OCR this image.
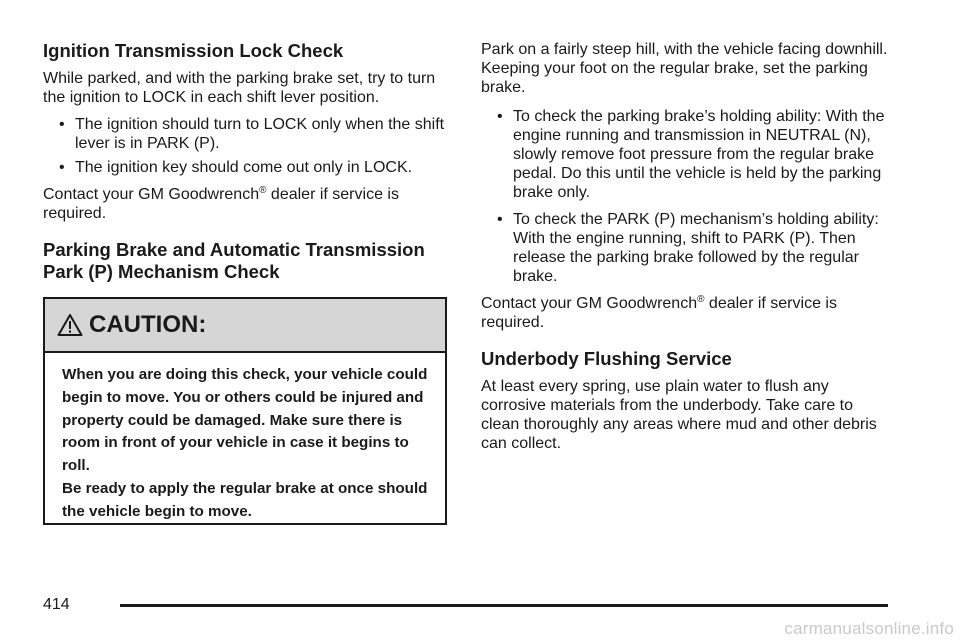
Ignition Transmission Lock Check

While parked, and with the parking brake set, try to turn the ignition to LOCK in each shift lever position.

• The ignition should turn to LOCK only when the shift lever is in PARK (P).
• The ignition key should come out only in LOCK.

Contact your GM Goodwrench® dealer if service is required.

Parking Brake and Automatic Transmission Park (P) Mechanism Check
CAUTION:

When you are doing this check, your vehicle could begin to move. You or others could be injured and property could be damaged. Make sure there is room in front of your vehicle in case it begins to roll.

Be ready to apply the regular brake at once should the vehicle begin to move.

Park on a fairly steep hill, with the vehicle facing downhill. Keeping your foot on the regular brake, set the parking brake.

• To check the parking brake’s holding ability: With the engine running and transmission in NEUTRAL (N), slowly remove foot pressure from the regular brake pedal. Do this until the vehicle is held by the parking brake only.
• To check the PARK (P) mechanism’s holding ability: With the engine running, shift to PARK (P). Then release the parking brake followed by the regular brake.

Contact your GM Goodwrench® dealer if service is required.

Underbody Flushing Service

At least every spring, use plain water to flush any corrosive materials from the underbody. Take care to clean thoroughly any areas where mud and other debris can collect.

414
carmanualsonline.info
